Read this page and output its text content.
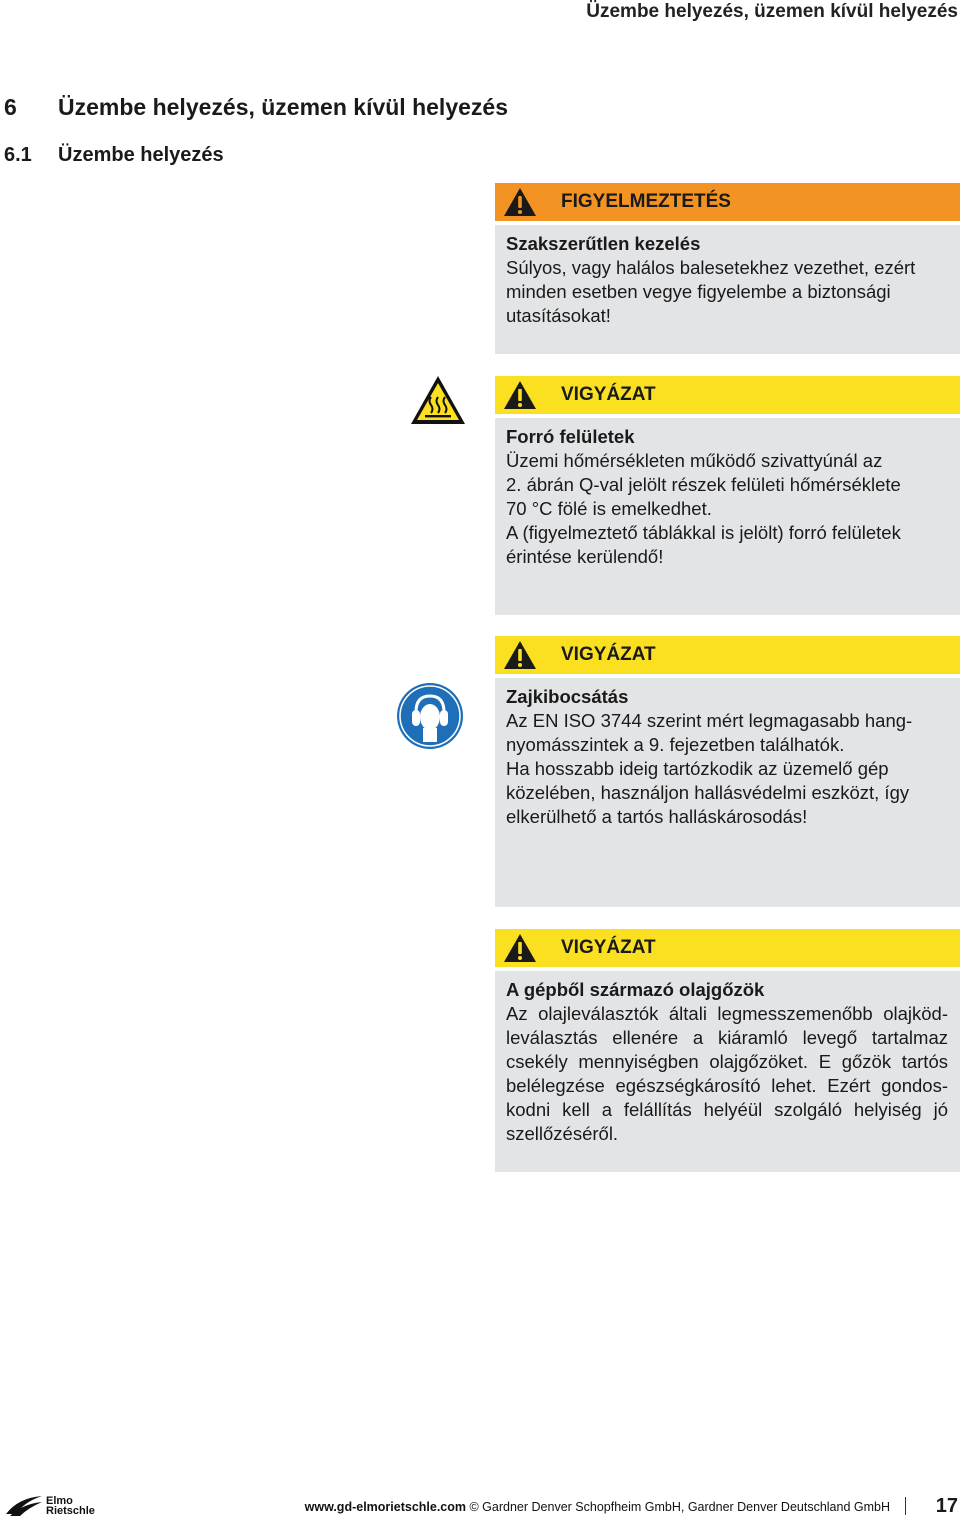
Üzembe helyezés, üzemen kívül helyezés
6	Üzembe helyezés, üzemen kívül helyezés
6.1	Üzembe helyezés
FIGYELMEZTETÉS
Szakszerűtlen kezelés

Súlyos, vagy halálos balesetekhez vezethet, ezért

minden esetben vegye figyelembe a biztonsági

utasításokat!

VIGYÁZAT
Forró felületek

Üzemi hőmérsékleten működő szivattyúnál az

2. ábrán Q-val jelölt részek felületi hőmérséklete

70 °C fölé is emelkedhet.

A (figyelmeztető táblákkal is jelölt) forró felületek

érintése kerülendő!

VIGYÁZAT
Zajkibocsátás

Az EN ISO 3744 szerint mért legmagasabb hang-

nyomásszintek a 9. fejezetben találhatók.

Ha hosszabb ideig tartózkodik az üzemelő gép

közelében, használjon hallásvédelmi eszközt, így

elkerülhető a tartós halláskárosodás!

VIGYÁZAT
A gépből származó olajgőzök

Az olajleválasztók általi legmesszemenőbb olajköd-leválasztás ellenére a kiáramló levegő tartalmaz csekély mennyiségben olajgőzöket. E gőzök tartós belélegzése egészségkárosító lehet. Ezért gondos-kodni kell a felállítás helyéül szolgáló helyiség jó szellőzéséről.

Elmo
Rietschle	www.gd-elmorietschle.com © Gardner Denver Schopfheim GmbH, Gardner Denver Deutschland GmbH 17
